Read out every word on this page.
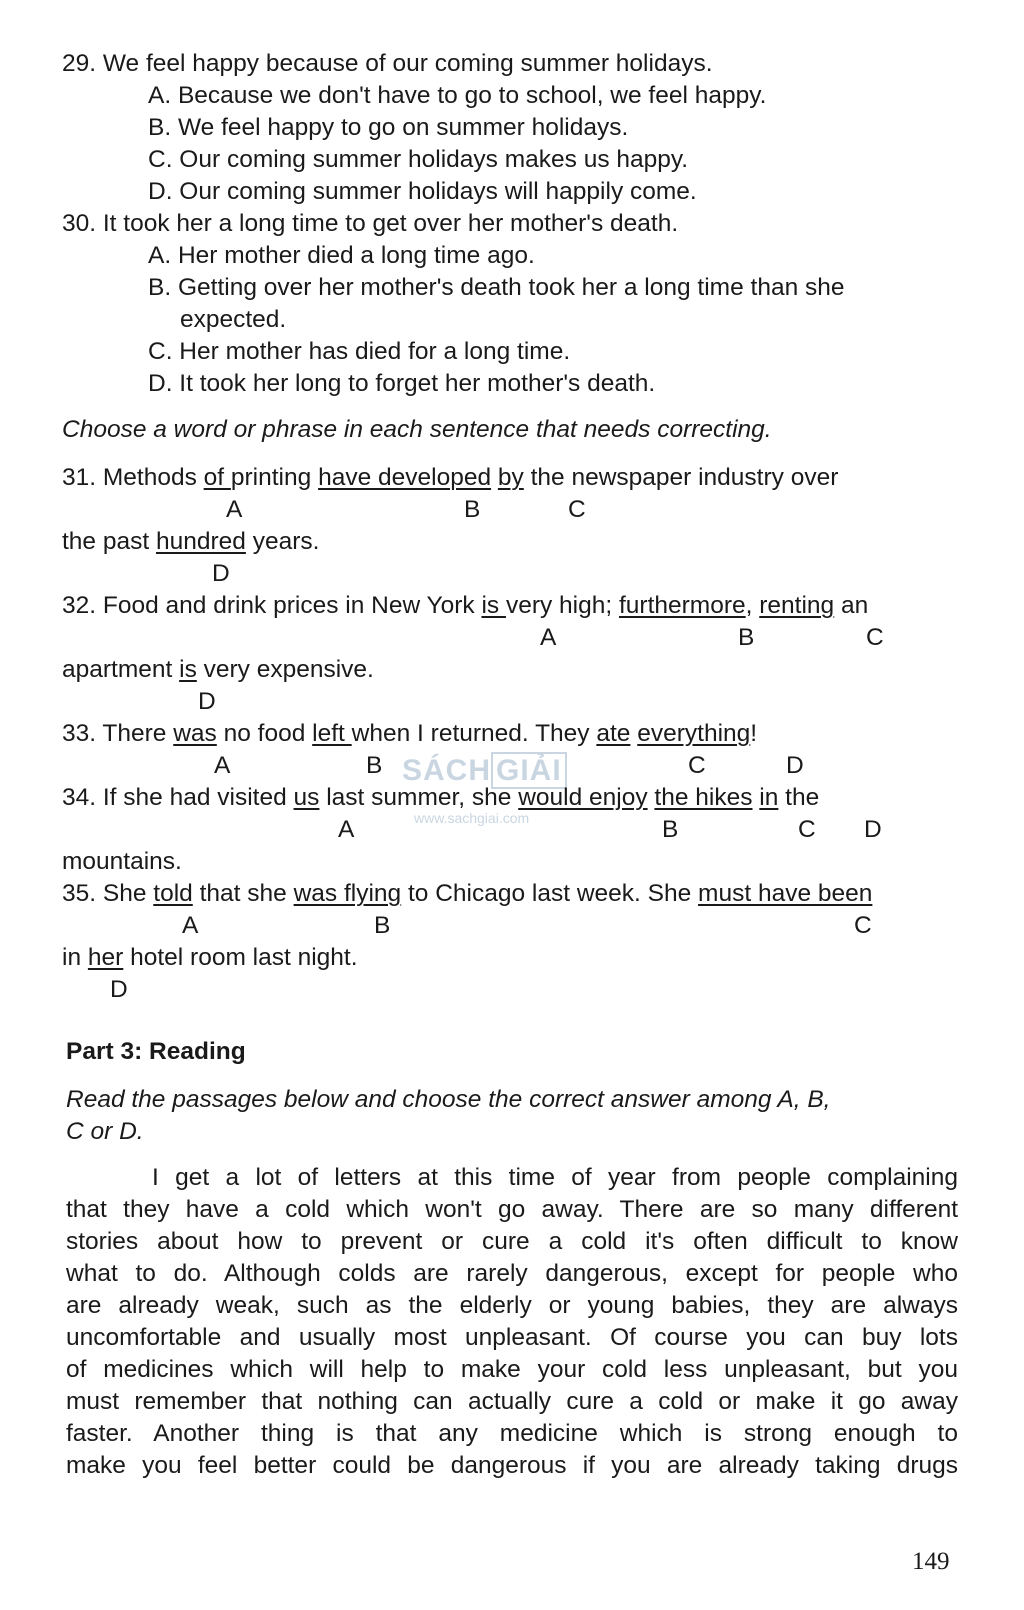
29. We feel happy because of our coming summer holidays.
A. Because we don't have to go to school, we feel happy.
B. We feel happy to go on summer holidays.
C. Our coming summer holidays makes us happy.
D. Our coming summer holidays will happily come.
30. It took her a long time to get over her mother's death.
A. Her mother died a long time ago.
B. Getting over her mother's death took her a long time than she
expected.
C. Her mother has died for a long time.
D. It took her long to forget her mother's death.
Choose a word or phrase in each sentence that needs correcting.
31. Methods of printing have developed by the newspaper industry over
A	B	C
the past hundred years.
D
32. Food and drink prices in New York is very high; furthermore, renting an
A	B	C
apartment is very expensive.
D
33. There was no food left when I returned. They ate everything!
A	B	C	D
SÁCH GIẢI
www.sachgiai.com
34. If she had visited us last summer, she would enjoy the hikes in the
A	B	C D
mountains.
35. She told that she was flying to Chicago last week. She must have been
A	B	C
in her hotel room last night.
D
Part 3: Reading
Read the passages below and choose the correct answer among A, B,
C or D.
I get a lot of letters at this time of year from people complaining
that they have a cold which won't go away. There are so many different
stories about how to prevent or cure a cold it's often difficult to know
what to do. Although colds are rarely dangerous, except for people who
are already weak, such as the elderly or young babies, they are always
uncomfortable and usually most unpleasant. Of course you can buy lots
of medicines which will help to make your cold less unpleasant, but you
must remember that nothing can actually cure a cold or make it go away
faster. Another thing is that any medicine which is strong enough to
make you feel better could be dangerous if you are already taking drugs
149
